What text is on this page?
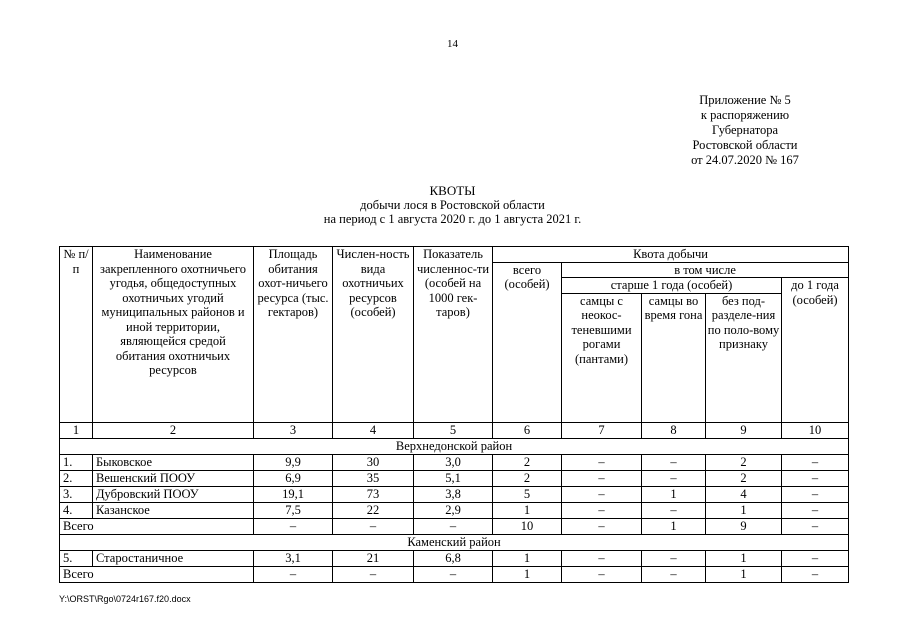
14
Приложение № 5
к распоряжению
Губернатора
Ростовской области
от 24.07.2020 № 167
КВОТЫ
добычи лося в Ростовской области
на период с 1 августа 2020 г. до 1 августа 2021 г.
№ п/п	Наименование закрепленного охотничьего угодья, общедоступных охотничьих угодий муниципальных районов и иной территории, являющейся средой обитания охотничьих ресурсов	Площадь обитания охот-ничьего ресурса (тыс. гектаров)	Числен-ность вида охотничьих ресурсов (особей)	Показатель численнос-ти (особей на 1000 гек-таров)	Квота добычи				
					всего (особей)	в том числе			
						старше 1 года (особей)			до 1 года (особей)
						самцы с неокос-теневшими рогами (пантами)	самцы во время гона	без под-разделе-ния по поло-вому признаку	
1	2	3	4	5	6	7	8	9	10
Верхнедонской район									
1.	Быковское	9,9	30	3,0	2	–	–	2	–
2.	Вешенский ПООУ	6,9	35	5,1	2	–	–	2	–
3.	Дубровский ПООУ	19,1	73	3,8	5	–	1	4	–
4.	Казанское	7,5	22	2,9	1	–	–	1	–
Всего		–	–	–	10	–	1	9	–
Каменский район									
5.	Старостаничное	3,1	21	6,8	1	–	–	1	–
Всего		–	–	–	1	–	–	1	–
Y:\ORST\Rgo\0724r167.f20.docx
